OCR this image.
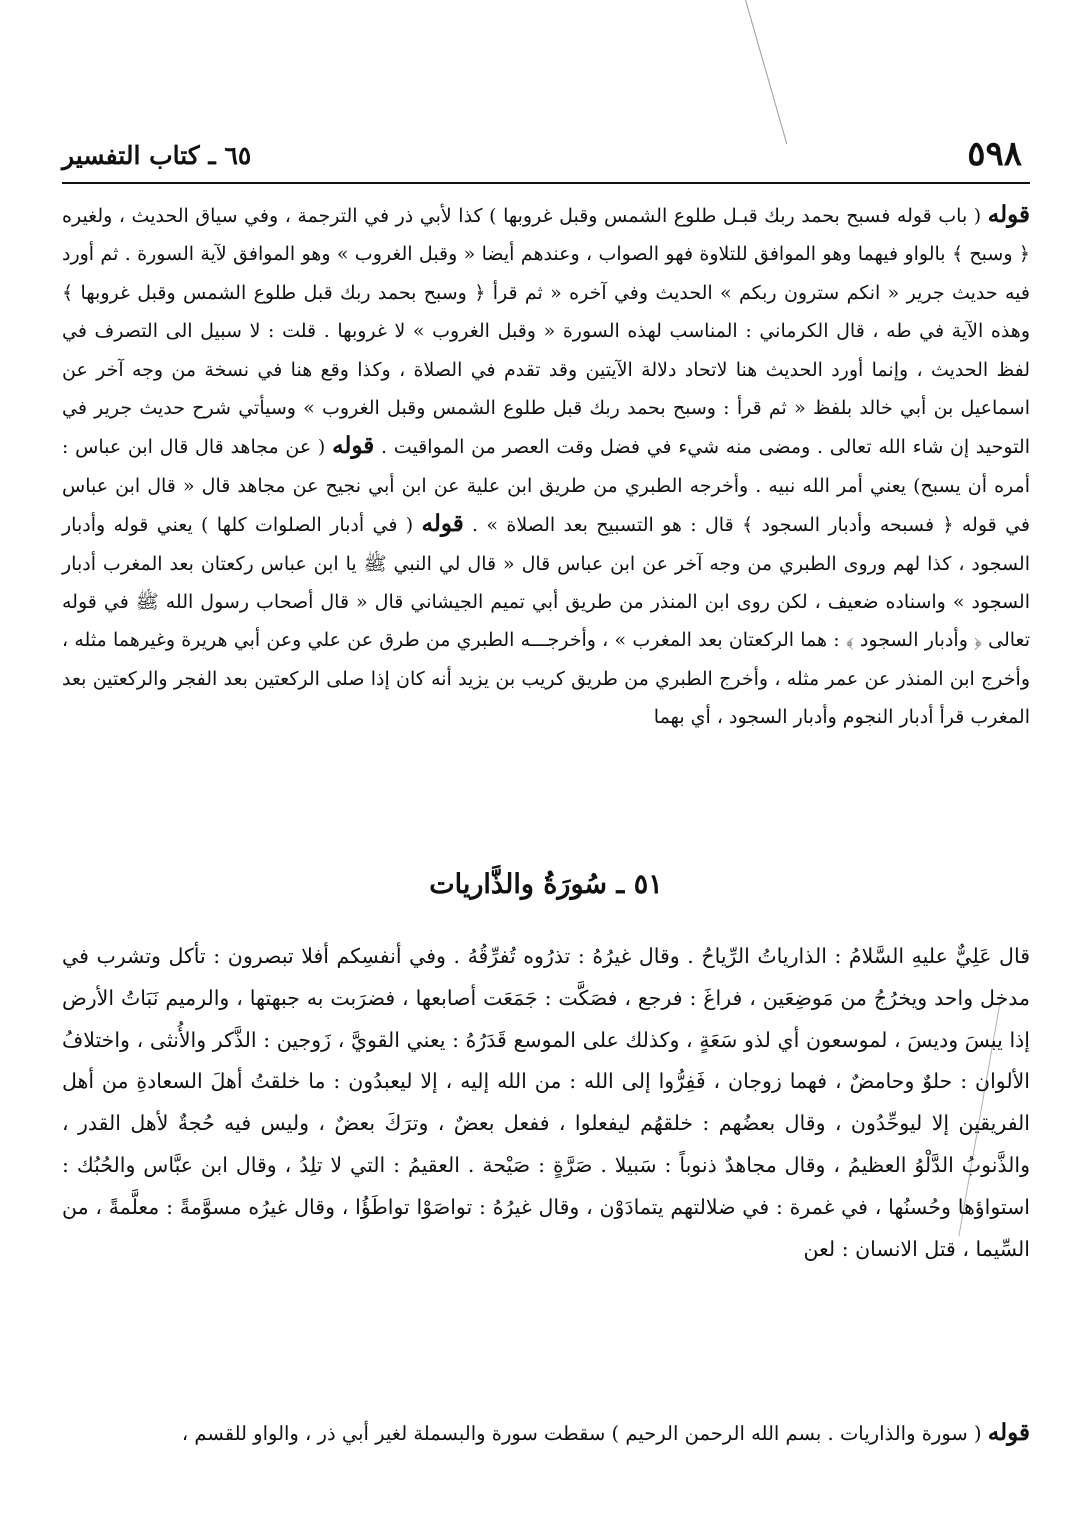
٥٩٨
٦٥ ـ كتاب التفسير
قوله ( باب قوله فسبح بحمد ربك قبـل طلوع الشمس وقبل غروبها ) كذا لأبي ذر في الترجمة ، وفي سياق الحديث ، ولغيره ﴿ وسبح ﴾ بالواو فيهما وهو الموافق للتلاوة فهو الصواب ، وعندهم أيضا « وقبل الغروب » وهو الموافق لآية السورة . ثم أورد فيه حديث جرير « انكم سترون ربكم » الحديث وفي آخره « ثم قرأ ﴿ وسبح بحمد ربك قبل طلوع الشمس وقبل غروبها ﴾ وهذه الآية في طه ، قال الكرماني : المناسب لهذه السورة « وقبل الغروب » لا غروبها . قلت : لا سبيل الى التصرف في لفظ الحديث ، وإنما أورد الحديث هنا لاتحاد دلالة الآيتين وقد تقدم في الصلاة ، وكذا وقع هنا في نسخة من وجه آخر عن اسماعيل بن أبي خالد بلفظ « ثم قرأ : وسبح بحمد ربك قبل طلوع الشمس وقبل الغروب » وسيأتي شرح حديث جرير في التوحيد إن شاء الله تعالى . ومضى منه شيء في فضل وقت العصر من المواقيت . قوله ( عن مجاهد قال قال ابن عباس : أمره أن يسبح) يعني أمر الله نبيه . وأخرجه الطبري من طريق ابن علية عن ابن أبي نجيح عن مجاهد قال « قال ابن عباس في قوله ﴿ فسبحه وأدبار السجود ﴾ قال : هو التسبيح بعد الصلاة » . قوله ( في أدبار الصلوات كلها ) يعني قوله وأدبار السجود ، كذا لهم وروى الطبري من وجه آخر عن ابن عباس قال « قال لي النبي ﷺ يا ابن عباس ركعتان بعد المغرب أدبار السجود » واسناده ضعيف ، لكن روى ابن المنذر من طريق أبي تميم الجيشاني قال « قال أصحاب رسول الله ﷺ في قوله تعالى ﴿ وأدبار السجود ﴾ : هما الركعتان بعد المغرب » ، وأخرجـــه الطبري من طرق عن علي وعن أبي هريرة وغيرهما مثله ، وأخرج ابن المنذر عن عمر مثله ، وأخرج الطبري من طريق كريب بن يزيد أنه كان إذا صلى الركعتين بعد الفجر والركعتين بعد المغرب قرأ أدبار النجوم وأدبار السجود ، أي بهما
٥١ ـ سُورَةُ والذَّاريات
قال عَلِيٌّ عليهِ السَّلامُ : الذارياتُ الرِّياحُ . وقال غيرُهُ : تذرُوه تُفرِّقُهُ . وفي أنفسِكم أفلا تبصرون : تأكل وتشرب في مدخل واحد ويخرُجُ من مَوضِعَين ، فراغَ : فرجع ، فصَكَّت : جَمَعَت أصابعها ، فضرَبت به جبهتها ، والرميم نَبَاتُ الأرض إذا يبسَ وديسَ ، لموسعون أي لذو سَعَةٍ ، وكذلك على الموسع قَدَرُهُ : يعني القويَّ ، زَوجين : الذَّكر والأُنثى ، واختلافُ الألوان : حلوٌ وحامضٌ ، فهما زوجان ، فَفِرُّوا إلى الله : من الله إليه ، إلا ليعبدُون : ما خلقتُ أهلَ السعادةِ من أهل الفريقين إلا ليوحِّدُون ، وقال بعضُهم : خلقهُم ليفعلوا ، ففعل بعضٌ ، وترَكَ بعضٌ ، وليس فيه حُجةٌ لأهل القدر ، والذَّنوبُ الدَّلْوُ العظيمُ ، وقال مجاهدٌ ذنوباً : سَبيلا . صَرَّةٍ : صَيْحة . العقيمُ : التي لا تلِدُ ، وقال ابن عبَّاس والحُبُك : استواؤها وحُسنُها ، في غمرة : في ضلالتهم يتمادَوْن ، وقال غيرُهُ : تواصَوْا تواطَؤُا ، وقال غيرُه مسوَّمةً : معلَّمةً ، من السِّيما ، قتل الانسان : لعن
قوله ( سورة والذاريات . بسم الله الرحمن الرحيم ) سقطت سورة والبسملة لغير أبي ذر ، والواو للقسم ،
